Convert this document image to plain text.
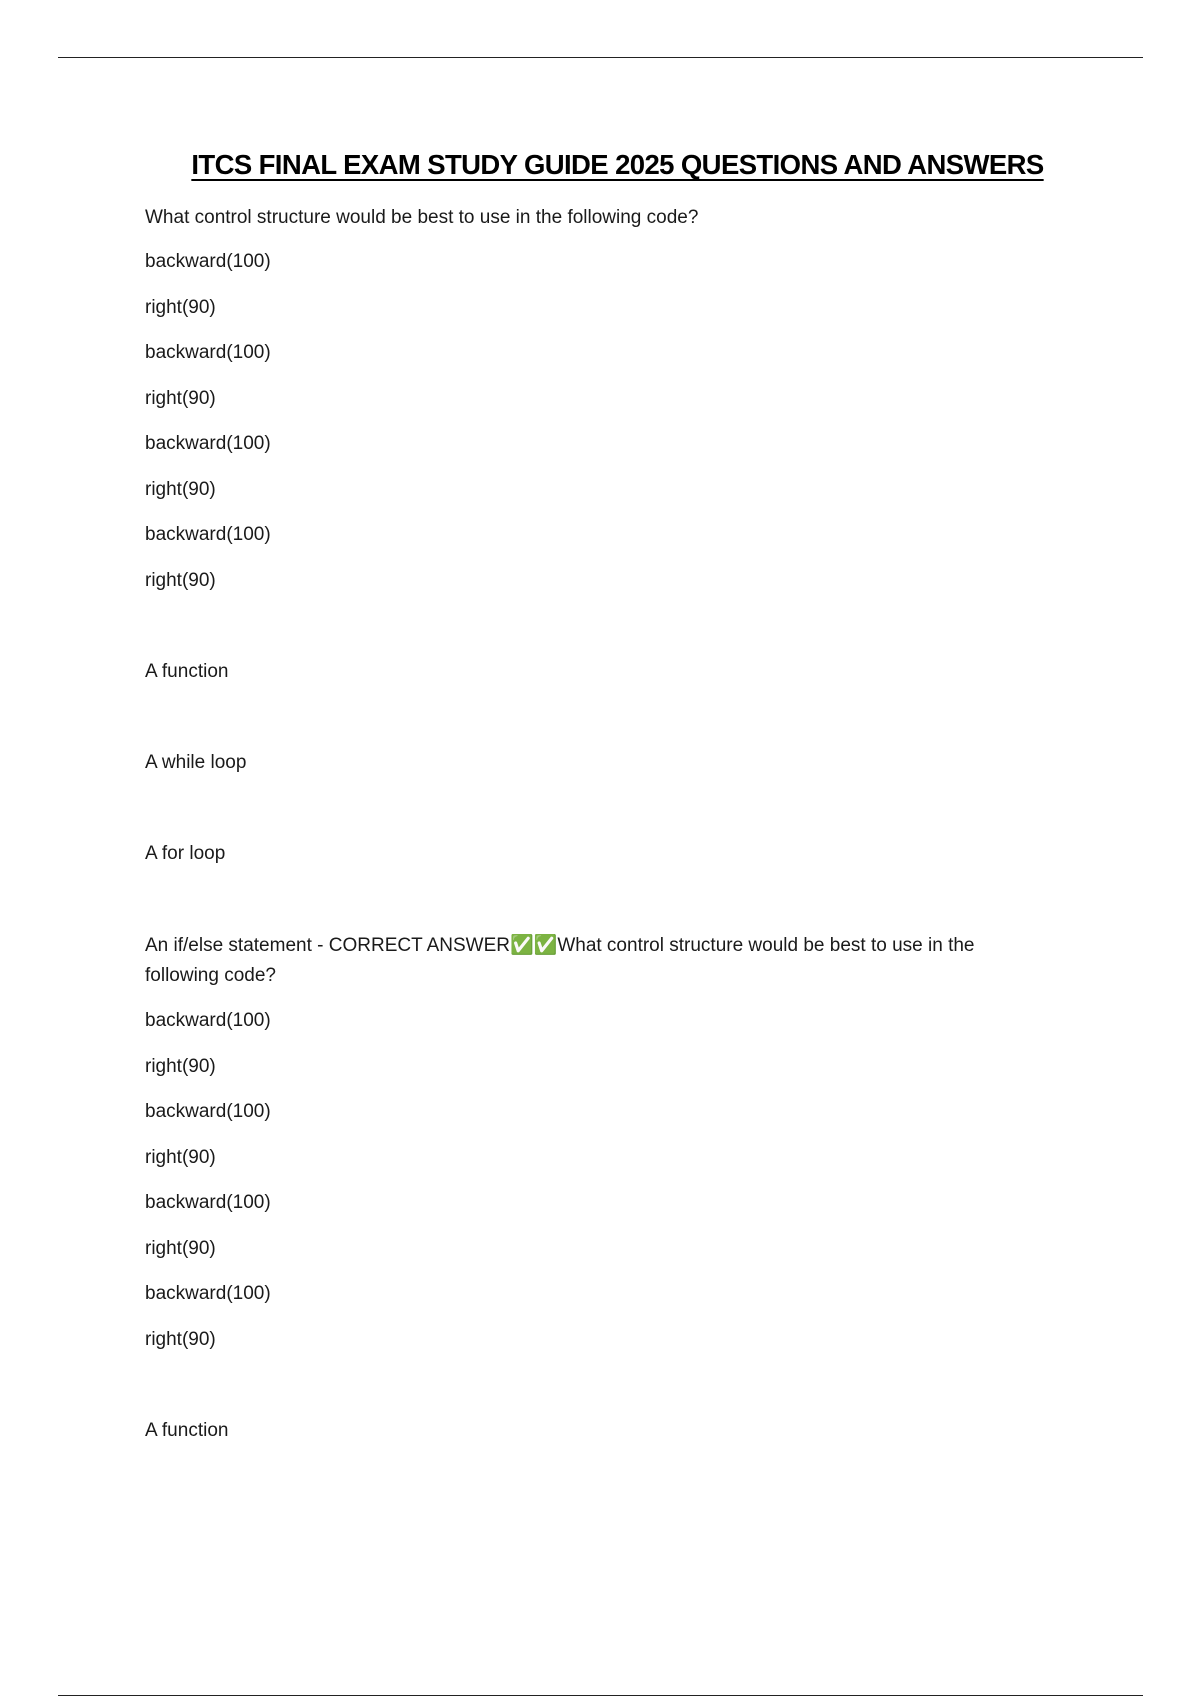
ITCS FINAL EXAM STUDY GUIDE 2025 QUESTIONS AND ANSWERS
What control structure would be best to use in the following code?
backward(100)
right(90)
backward(100)
right(90)
backward(100)
right(90)
backward(100)
right(90)
A function
A while loop
A for loop
An if/else statement - CORRECT ANSWER✅✅What control structure would be best to use in the following code?
backward(100)
right(90)
backward(100)
right(90)
backward(100)
right(90)
backward(100)
right(90)
A function
